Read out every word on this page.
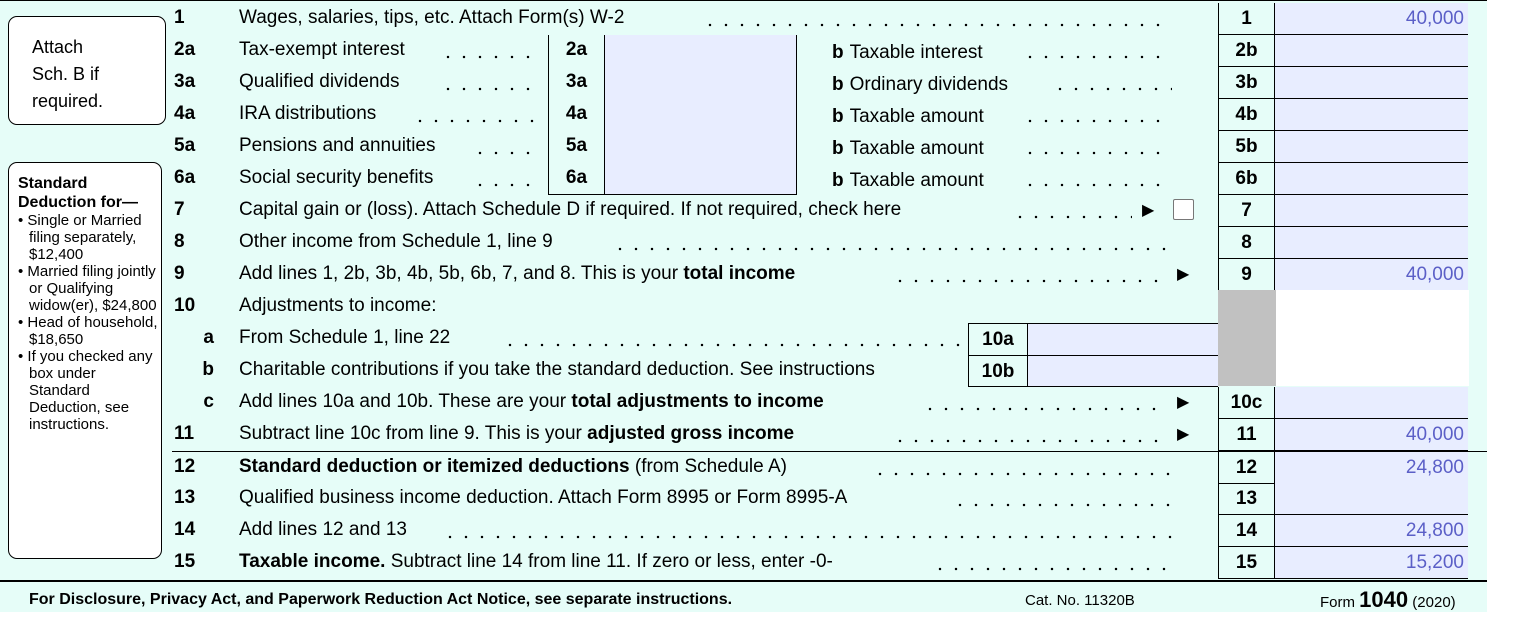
Attach
Sch. B if
required.
Standard Deduction for—
• Single or Married filing separately, $12,400
• Married filing jointly or Qualifying widow(er), $24,800
• Head of household, $18,650
• If you checked any box under Standard Deduction, see instructions.
1	Wages, salaries, tips, etc. Attach Form(s) W-2	1	40,000
2a	Tax-exempt interest	2a	b Taxable interest	2b
3a	Qualified dividends	3a	b Ordinary dividends	3b
4a	IRA distributions	4a	b Taxable amount	4b
5a	Pensions and annuities	5a	b Taxable amount	5b
6a	Social security benefits	6a	b Taxable amount	6b
7	Capital gain or (loss). Attach Schedule D if required. If not required, check here	▶	7
8	Other income from Schedule 1, line 9	8
9	Add lines 1, 2b, 3b, 4b, 5b, 6b, 7, and 8. This is your total income	▶	9	40,000
10	Adjustments to income:
a From Schedule 1, line 22	10a
b Charitable contributions if you take the standard deduction. See instructions	10b
c Add lines 10a and 10b. These are your total adjustments to income	▶	10c
11	Subtract line 10c from line 9. This is your adjusted gross income	▶	11	40,000
12	Standard deduction or itemized deductions (from Schedule A)	12	24,800
13	Qualified business income deduction. Attach Form 8995 or Form 8995-A	13
14	Add lines 12 and 13	14	24,800
15	Taxable income. Subtract line 14 from line 11. If zero or less, enter -0-	15	15,200
For Disclosure, Privacy Act, and Paperwork Reduction Act Notice, see separate instructions.	Cat. No. 11320B	Form 1040 (2020)
